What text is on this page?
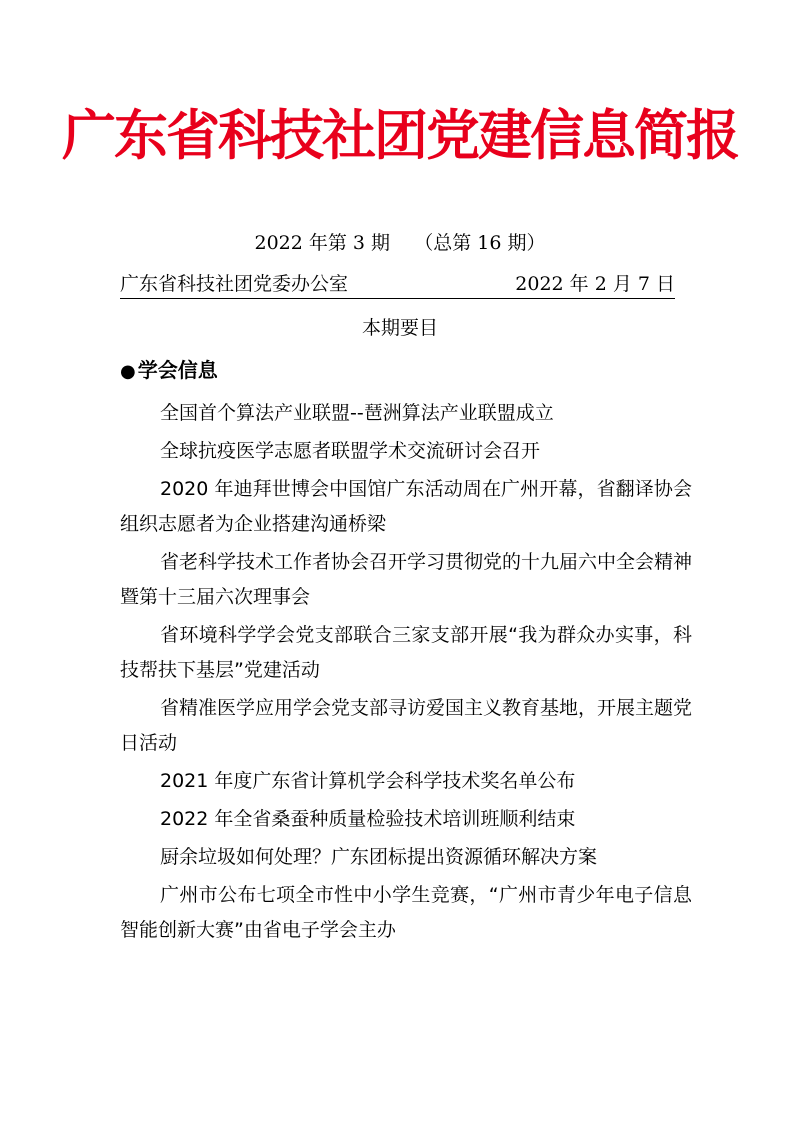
广东省科技社团党建信息简报
2022 年第 3 期    （总第 16 期）
广东省科技社团党委办公室	2022 年 2 月 7 日
本期要目
● 学会信息
全国首个算法产业联盟--琶洲算法产业联盟成立
全球抗疫医学志愿者联盟学术交流研讨会召开
2020 年迪拜世博会中国馆广东活动周在广州开幕，省翻译协会组织志愿者为企业搭建沟通桥梁
省老科学技术工作者协会召开学习贯彻党的十九届六中全会精神暨第十三届六次理事会
省环境科学学会党支部联合三家支部开展“我为群众办实事，科技帮扶下基层”党建活动
省精准医学应用学会党支部寻访爱国主义教育基地，开展主题党日活动
2021 年度广东省计算机学会科学技术奖名单公布
2022 年全省桑蚕种质量检验技术培训班顺利结束
厨余垃圾如何处理？广东团标提出资源循环解决方案
广州市公布七项全市性中小学生竞赛，“广州市青少年电子信息智能创新大赛”由省电子学会主办
